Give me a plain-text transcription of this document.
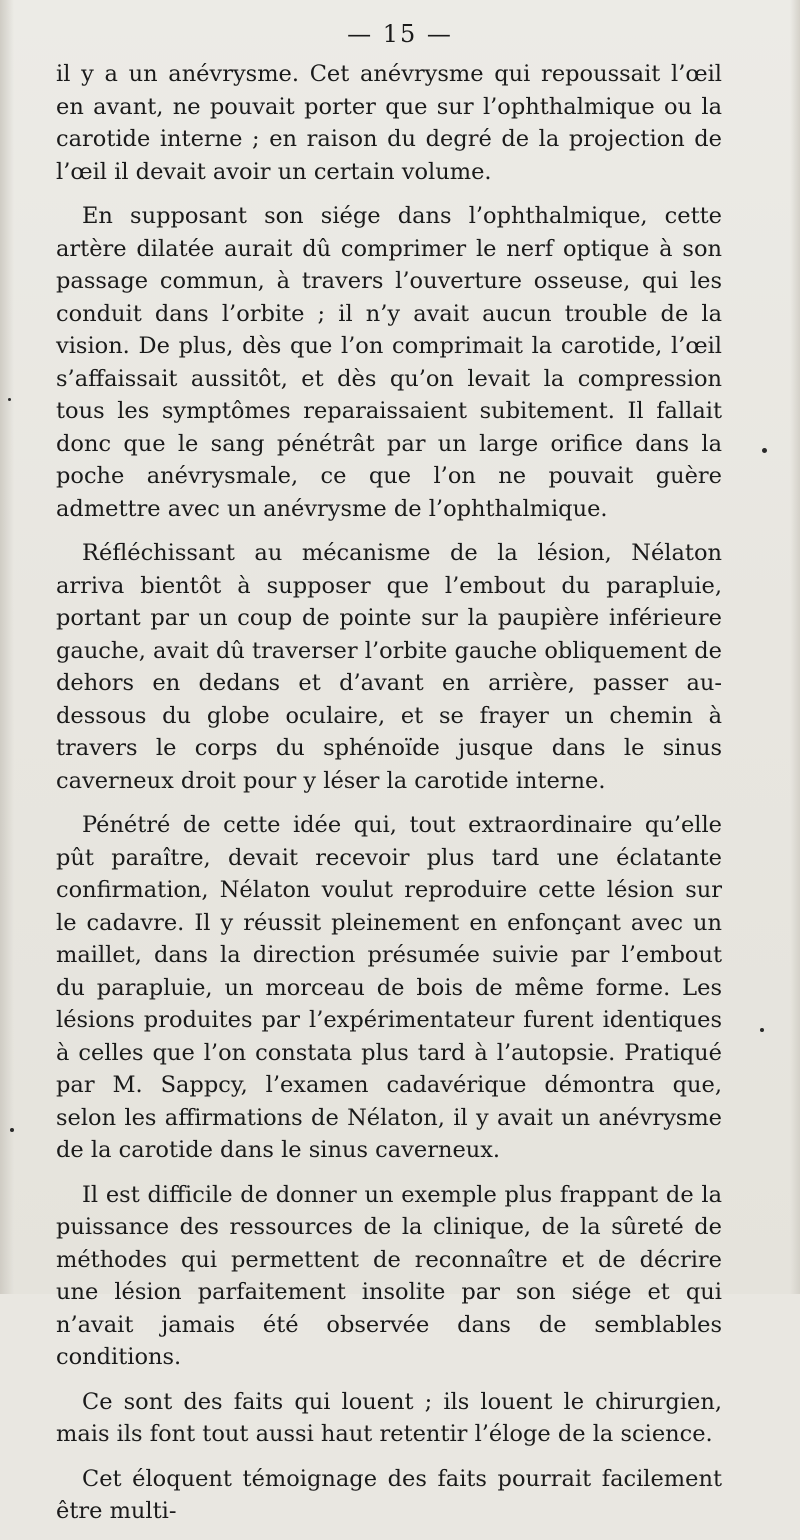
— 15 —

il y a un anévrysme. Cet anévrysme qui repoussait l’œil en avant, ne pouvait porter que sur l’ophthalmique ou la carotide interne ; en raison du degré de la projection de l’œil il devait avoir un certain volume.

En supposant son siége dans l’ophthalmique, cette artère dilatée aurait dû comprimer le nerf optique à son passage commun, à travers l’ouverture osseuse, qui les conduit dans l’orbite ; il n’y avait aucun trouble de la vision. De plus, dès que l’on comprimait la carotide, l’œil s’affaissait aussitôt, et dès qu’on levait la compression tous les symptômes reparaissaient subitement. Il fallait donc que le sang pénétrât par un large orifice dans la poche anévrysmale, ce que l’on ne pouvait guère admettre avec un anévrysme de l’ophthalmique.

Réfléchissant au mécanisme de la lésion, Nélaton arriva bientôt à supposer que l’embout du parapluie, portant par un coup de pointe sur la paupière inférieure gauche, avait dû traverser l’orbite gauche obliquement de dehors en dedans et d’avant en arrière, passer au-dessous du globe oculaire, et se frayer un chemin à travers le corps du sphénoïde jusque dans le sinus caverneux droit pour y léser la carotide interne.

Pénétré de cette idée qui, tout extraordinaire qu’elle pût paraître, devait recevoir plus tard une éclatante confirmation, Nélaton voulut reproduire cette lésion sur le cadavre. Il y réussit pleinement en enfonçant avec un maillet, dans la direction présumée suivie par l’embout du parapluie, un morceau de bois de même forme. Les lésions produites par l’expérimentateur furent identiques à celles que l’on constata plus tard à l’autopsie. Pratiqué par M. Sappcy, l’examen cadavérique démontra que, selon les affirmations de Nélaton, il y avait un anévrysme de la carotide dans le sinus caverneux.

Il est difficile de donner un exemple plus frappant de la puissance des ressources de la clinique, de la sûreté de méthodes qui permettent de reconnaître et de décrire une lésion parfaitement insolite par son siége et qui n’avait jamais été observée dans de semblables conditions.

Ce sont des faits qui louent ; ils louent le chirurgien, mais ils font tout aussi haut retentir l’éloge de la science.

Cet éloquent témoignage des faits pourrait facilement être multi-
